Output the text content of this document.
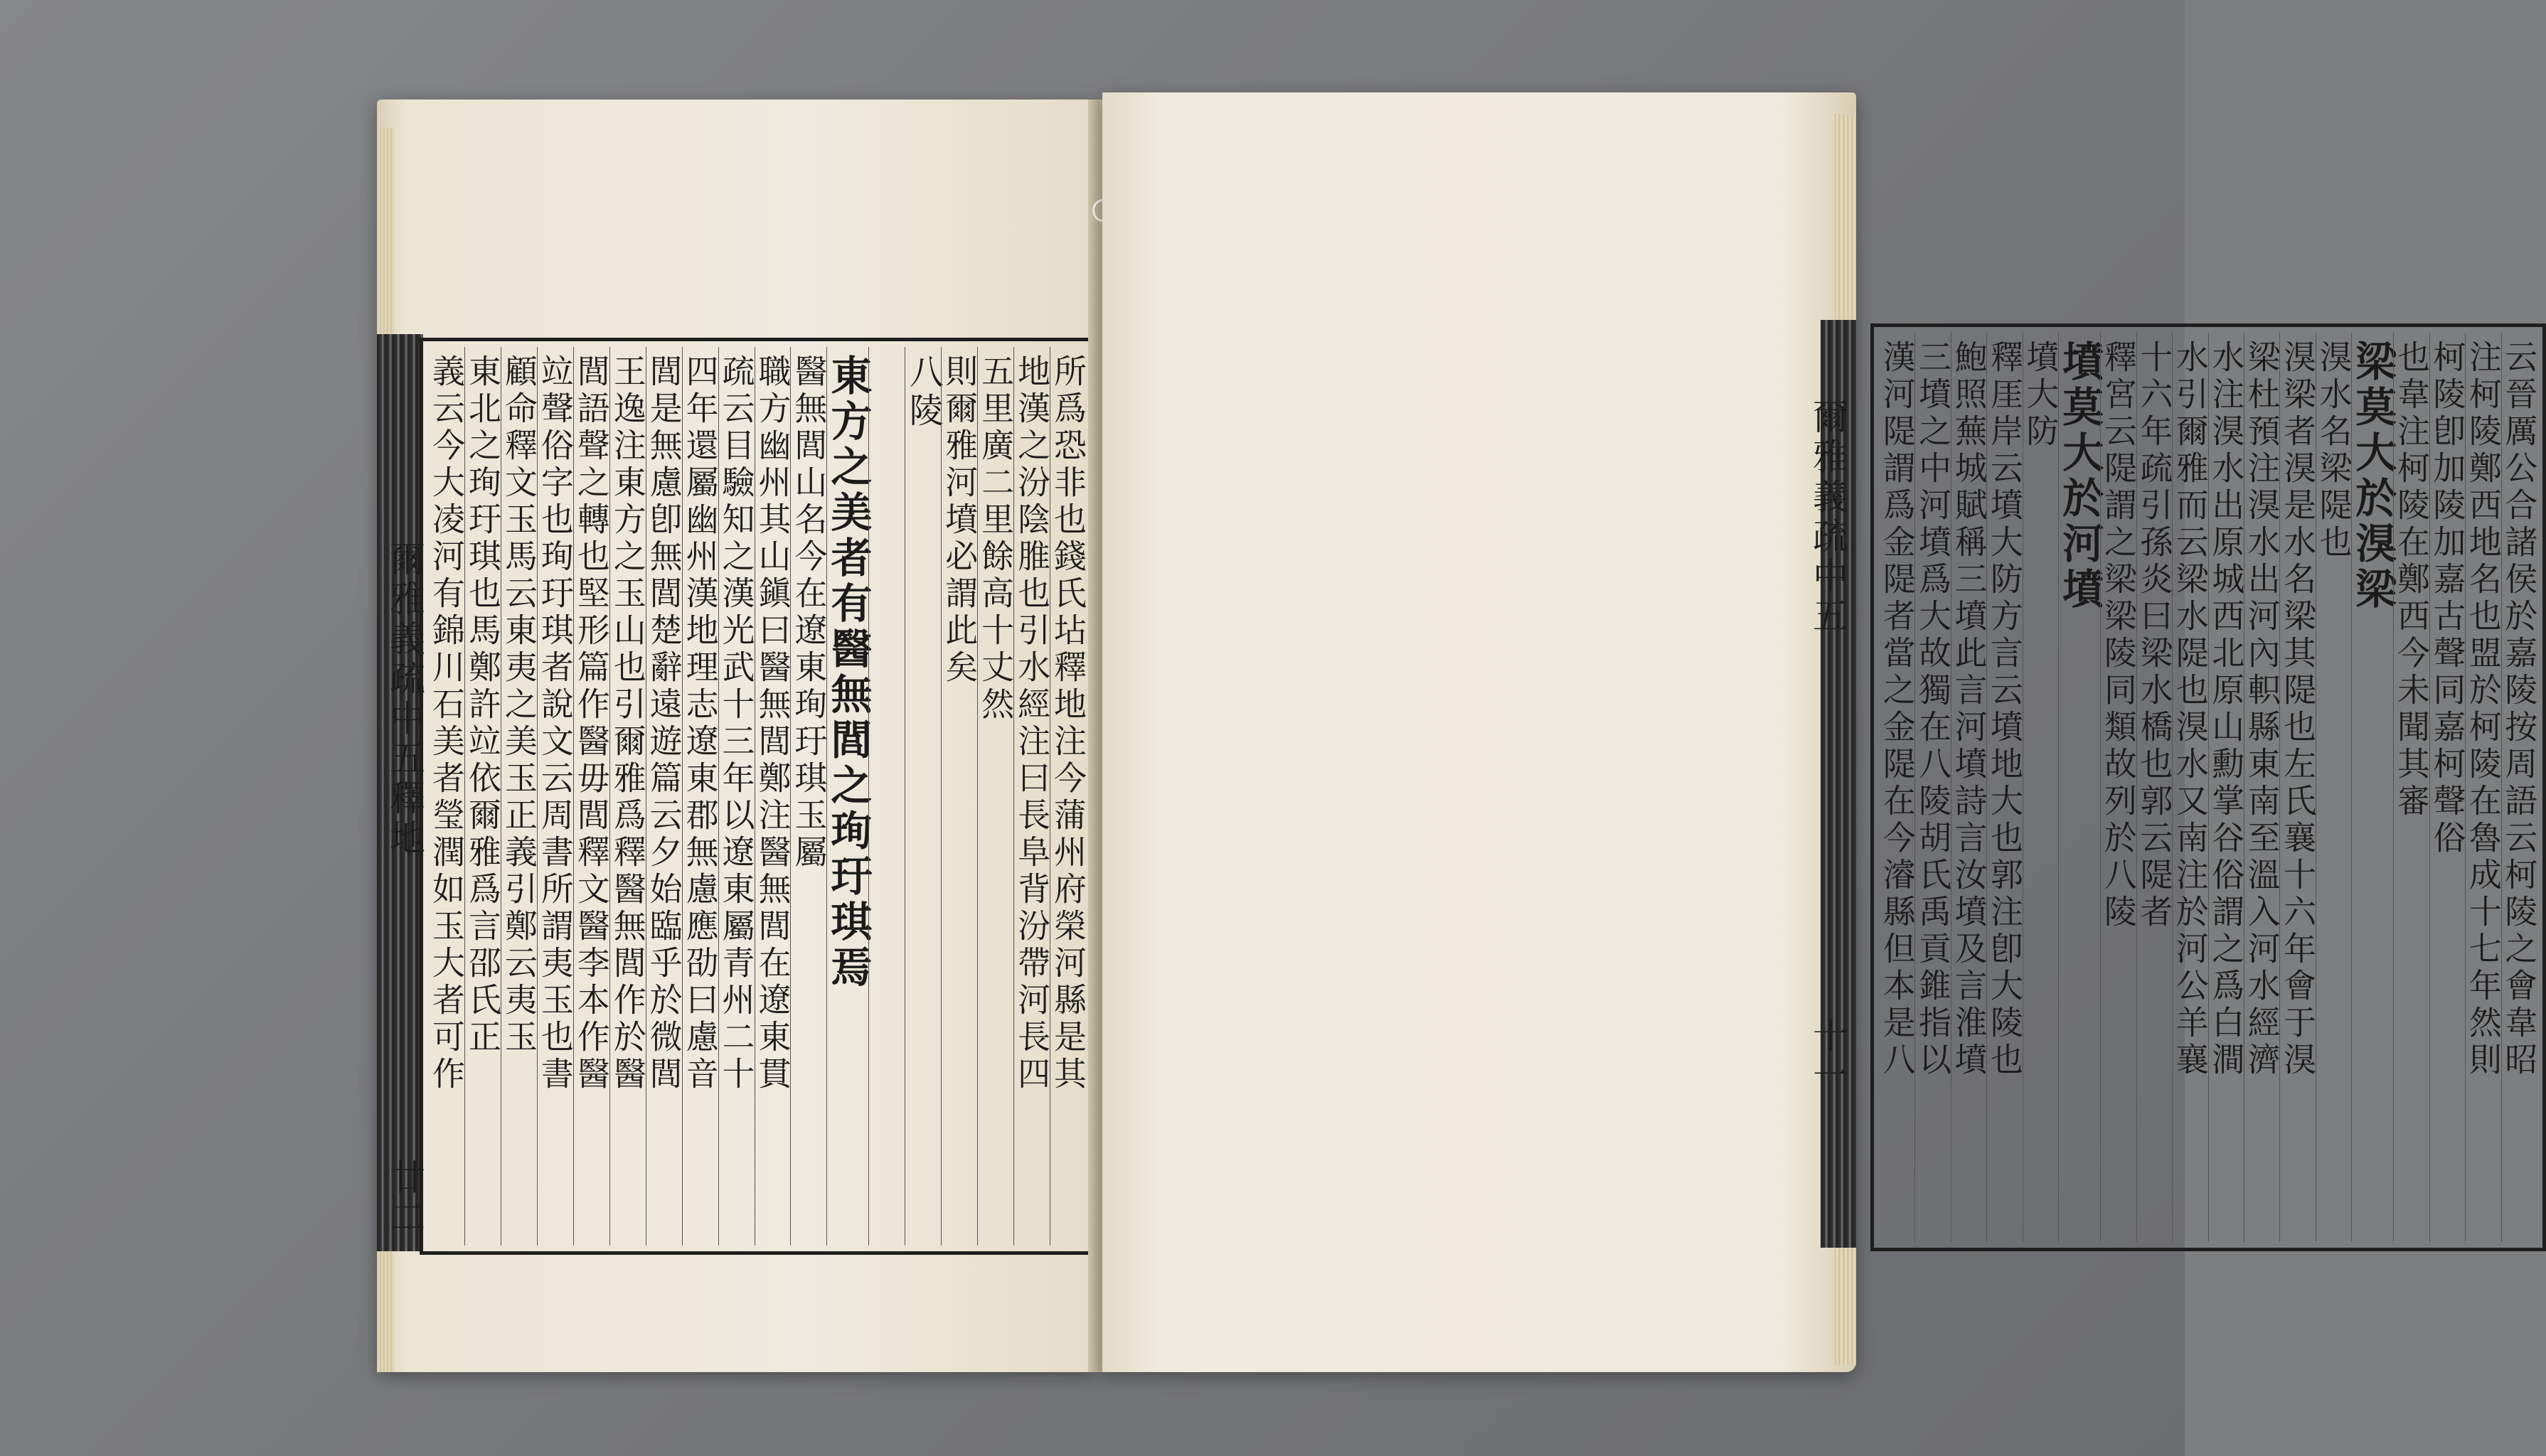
爾雅義疏中五釋地
廿二
所爲恐非也錢氏坫釋地注今蒲州府榮河縣是其
地漢之汾陰脽也引水經注曰長阜背汾帶河長四
五里廣二里餘高十丈然
則爾雅河墳必謂此矣
八陵
東方之美者有醫無閭之珣玗琪焉
醫無閭山名今在遼東珣玗琪玉屬
職方幽州其山鎭曰醫無閭鄭注醫無閭在遼東貫
疏云目驗知之漢光武十三年以遼東屬青州二十
四年還屬幽州漢地理志遼東郡無慮應劭曰慮音
閭是無慮卽無閭楚辭遠遊篇云夕始臨乎於微閭
王逸注東方之玉山也引爾雅爲釋醫無閭作於醫
閭語聲之轉也堅形篇作醫毋閭釋文醫李本作醫
竝聲俗字也珣玗琪者說文云周書所謂夷玉也書
顧命釋文玉馬云東夷之美玉正義引鄭云夷玉
東北之珣玗琪也馬鄭許竝依爾雅爲言邵氏正
義云今大凌河有錦川石美者瑩潤如玉大者可作	爾雅義疏中五
十一	云晉厲公合諸侯於嘉陵按周語云柯陵之會韋昭
注柯陵鄭西地名也盟於柯陵在魯成十七年然則
柯陵卽加陵加嘉古聲同嘉柯聲俗
也韋注柯陵在鄭西今未聞其審
梁莫大於湨梁
湨水名梁隄也
湨梁者湨是水名梁其隄也左氏襄十六年會于湨
梁杜預注湨水出河內軹縣東南至溫入河水經濟
水注湨水出原城西北原山勳掌谷俗謂之爲白澗
水引爾雅而云梁水隄也湨水又南注於河公羊襄
十六年疏引孫炎曰梁水橋也郭云隄者
釋宮云隄謂之梁梁陵同類故列於八陵
墳莫大於河墳
墳大防
釋厓岸云墳大防方言云墳地大也郭注卽大陵也
鮑照蕪城賦稱三墳此言河墳詩言汝墳及言淮墳
三墳之中河墳爲大故獨在八陵胡氏禹貢錐指以
漢河隄謂爲金隄者當之金隄在今濬縣但本是八
